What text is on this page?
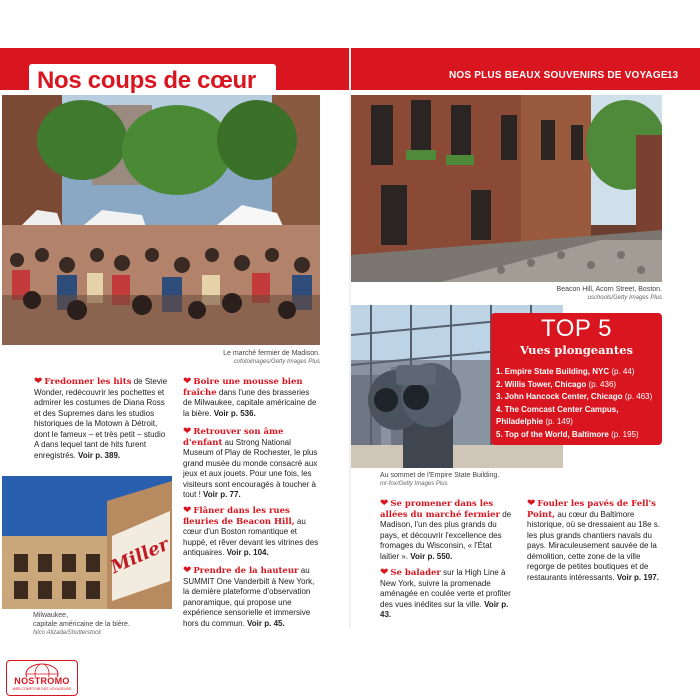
Nos coups de cœur	NOS PLUS BEAUX SOUVENIRS DE VOYAGE 13
Le marché fermier de Madison.
cofotoimages/Getty Images Plus
Beacon Hill, Acorn Street, Boston.
uschools/Getty Images Plus
Au sommet de l'Empire State Building.
mr-fox/Getty Images Plus
TOP 5
Vues plongeantes
1. Empire State Building, NYC (p. 44)
2. Willis Tower, Chicago (p. 436)
3. John Hancock Center, Chicago (p. 463)
4. The Comcast Center Campus, Philadelphie (p. 149)
5. Top of the World, Baltimore (p. 195)
Miller
Milwaukee,
capitale américaine de la bière.
Nico Alizada/Shutterstock
❤ Fredonner les hits de Stevie Wonder, redécouvrir les pochettes et admirer les costumes de Diana Ross et des Supremes dans les studios historiques de la Motown à Détroit, dont le fameux – et très petit – studio A dans lequel tant de hits furent enregistrés. Voir p. 389.
❤ Boire une mousse bien fraîche dans l'une des brasseries de Milwaukee, capitale américaine de la bière. Voir p. 536.
❤ Retrouver son âme d'enfant au Strong National Museum of Play de Rochester, le plus grand musée du monde consacré aux jeux et aux jouets. Pour une fois, les visiteurs sont encouragés à toucher à tout ! Voir p. 77.
❤ Flâner dans les rues fleuries de Beacon Hill, au cœur d'un Boston romantique et huppé, et rêver devant les vitrines des antiquaires. Voir p. 104.
❤ Prendre de la hauteur au SUMMIT One Vanderbilt à New York, la dernière plateforme d'observation panoramique, qui propose une expérience sensorielle et immersive hors du commun. Voir p. 45.
❤ Se promener dans les allées du marché fermier de Madison, l'un des plus grands du pays, et découvrir l'excellence des fromages du Wisconsin, « l'État laitier ». Voir p. 550.
❤ Se balader sur la High Line à New York, suivre la promenade aménagée en coulée verte et profiter des vues inédites sur la ville. Voir p. 43.
❤ Fouler les pavés de Fell's Point, au cœur du Baltimore historique, où se dressaient au 18e s. les plus grands chantiers navals du pays. Miraculeusement sauvée de la démolition, cette zone de la ville regorge de petites boutiques et de restaurants intéressants. Voir p. 197.
NOSTROMO
WEB COMPTOIR DES VOYAGEURS
